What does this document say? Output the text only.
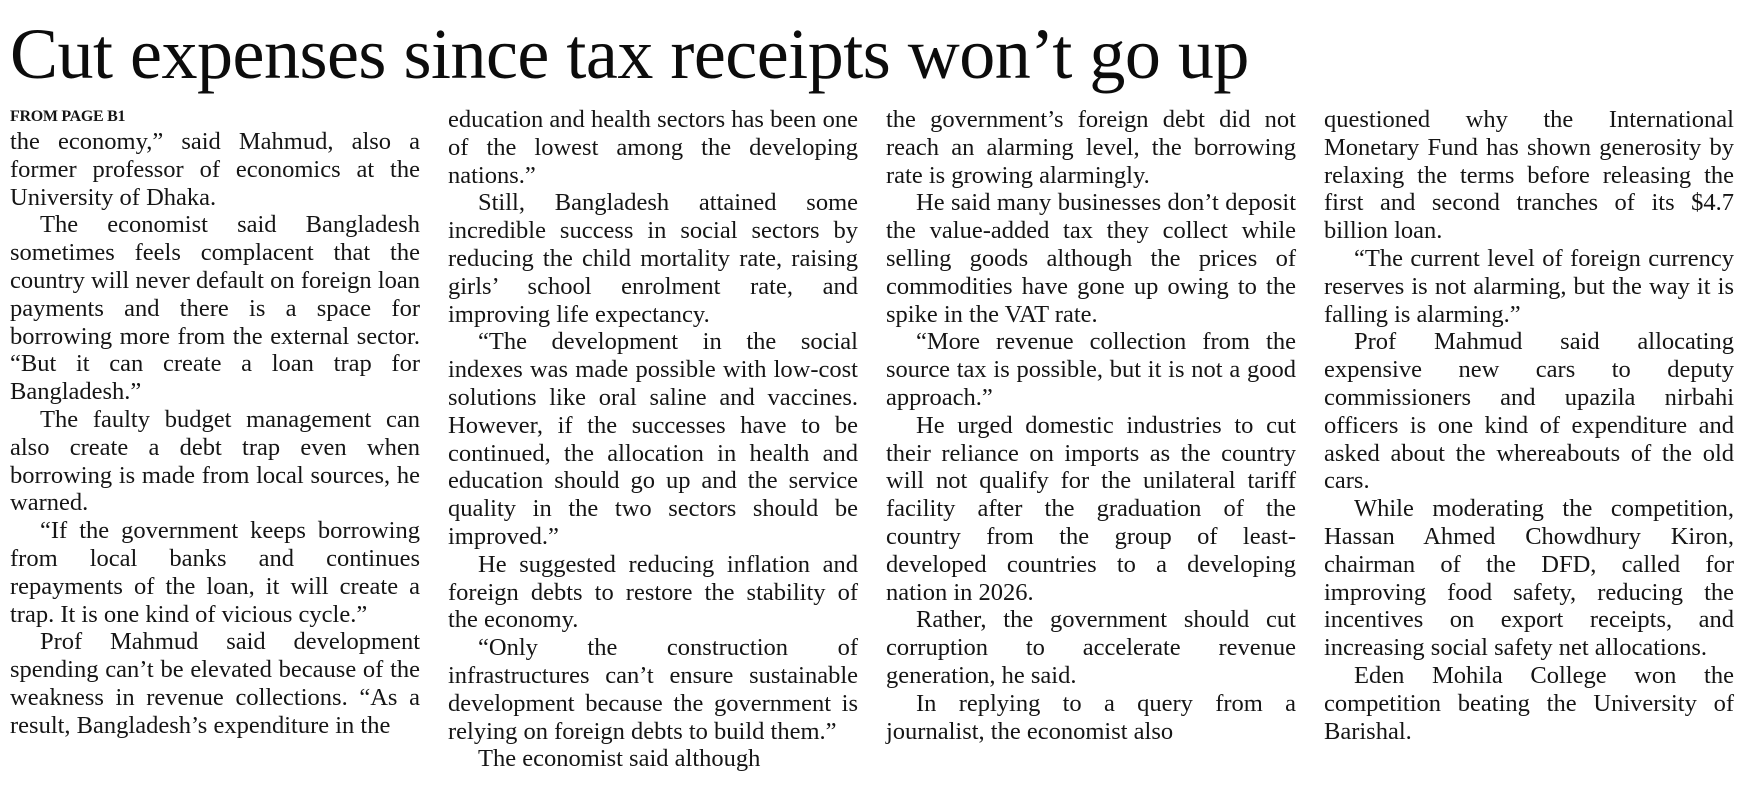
Cut expenses since tax receipts won’t go up
FROM PAGE B1

the economy,” said Mahmud, also a former professor of economics at the University of Dhaka.

The economist said Bangladesh sometimes feels complacent that the country will never default on foreign loan payments and there is a space for borrowing more from the external sector. “But it can create a loan trap for Bangladesh.”

The faulty budget management can also create a debt trap even when borrowing is made from local sources, he warned.

“If the government keeps borrowing from local banks and continues repayments of the loan, it will create a trap. It is one kind of vicious cycle.”

Prof Mahmud said development spending can’t be elevated because of the weakness in revenue collections. “As a result, Bangladesh’s expenditure in the

education and health sectors has been one of the lowest among the developing nations.”

Still, Bangladesh attained some incredible success in social sectors by reducing the child mortality rate, raising girls’ school enrolment rate, and improving life expectancy.

“The development in the social indexes was made possible with low-cost solutions like oral saline and vaccines. However, if the successes have to be continued, the allocation in health and education should go up and the service quality in the two sectors should be improved.”

He suggested reducing inflation and foreign debts to restore the stability of the economy.

“Only the construction of infrastructures can’t ensure sustainable development because the government is relying on foreign debts to build them.”

The economist said although

the government’s foreign debt did not reach an alarming level, the borrowing rate is growing alarmingly.

He said many businesses don’t deposit the value-added tax they collect while selling goods although the prices of commodities have gone up owing to the spike in the VAT rate.

“More revenue collection from the source tax is possible, but it is not a good approach.”

He urged domestic industries to cut their reliance on imports as the country will not qualify for the unilateral tariff facility after the graduation of the country from the group of least-developed countries to a developing nation in 2026.

Rather, the government should cut corruption to accelerate revenue generation, he said.

In replying to a query from a journalist, the economist also

questioned why the International Monetary Fund has shown generosity by relaxing the terms before releasing the first and second tranches of its $4.7 billion loan.

“The current level of foreign currency reserves is not alarming, but the way it is falling is alarming.”

Prof Mahmud said allocating expensive new cars to deputy commissioners and upazila nirbahi officers is one kind of expenditure and asked about the whereabouts of the old cars.

While moderating the competition, Hassan Ahmed Chowdhury Kiron, chairman of the DFD, called for improving food safety, reducing the incentives on export receipts, and increasing social safety net allocations.

Eden Mohila College won the competition beating the University of Barishal.
